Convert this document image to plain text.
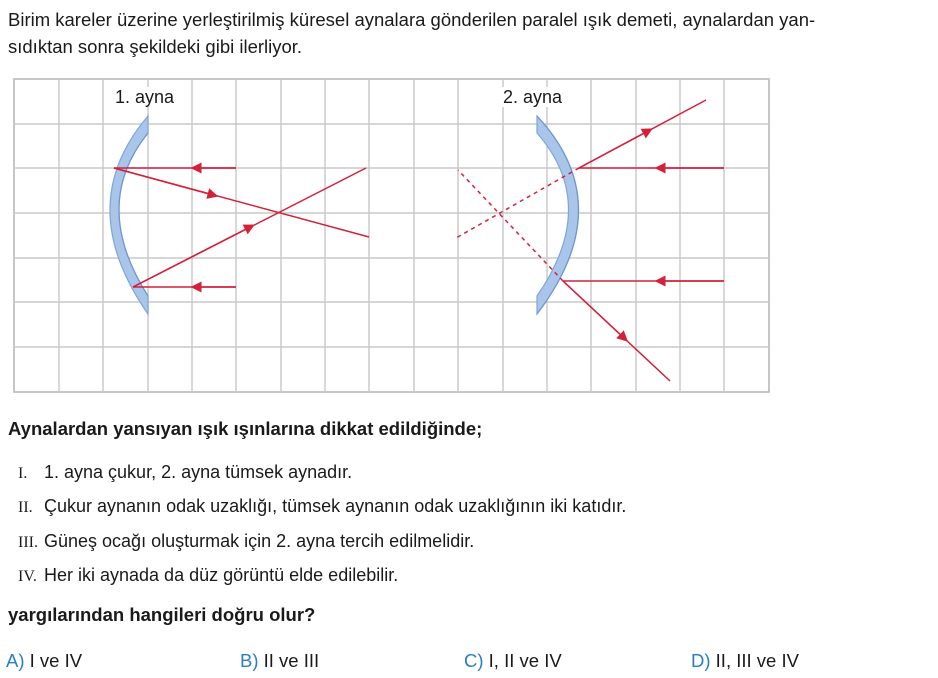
Birim kareler üzerine yerleştirilmiş küresel aynalara gönderilen paralel ışık demeti, aynalardan yan-
sıdıktan sonra şekildeki gibi ilerliyor.
1. ayna	2. ayna
Aynalardan yansıyan ışık ışınlarına dikkat edildiğinde;
I. 1. ayna çukur, 2. ayna tümsek aynadır.
II. Çukur aynanın odak uzaklığı, tümsek aynanın odak uzaklığının iki katıdır.
III. Güneş ocağı oluşturmak için 2. ayna tercih edilmelidir.
IV. Her iki aynada da düz görüntü elde edilebilir.
yargılarından hangileri doğru olur?
A) I ve IV	B) II ve III	C) I, II ve IV	D) II, III ve IV
